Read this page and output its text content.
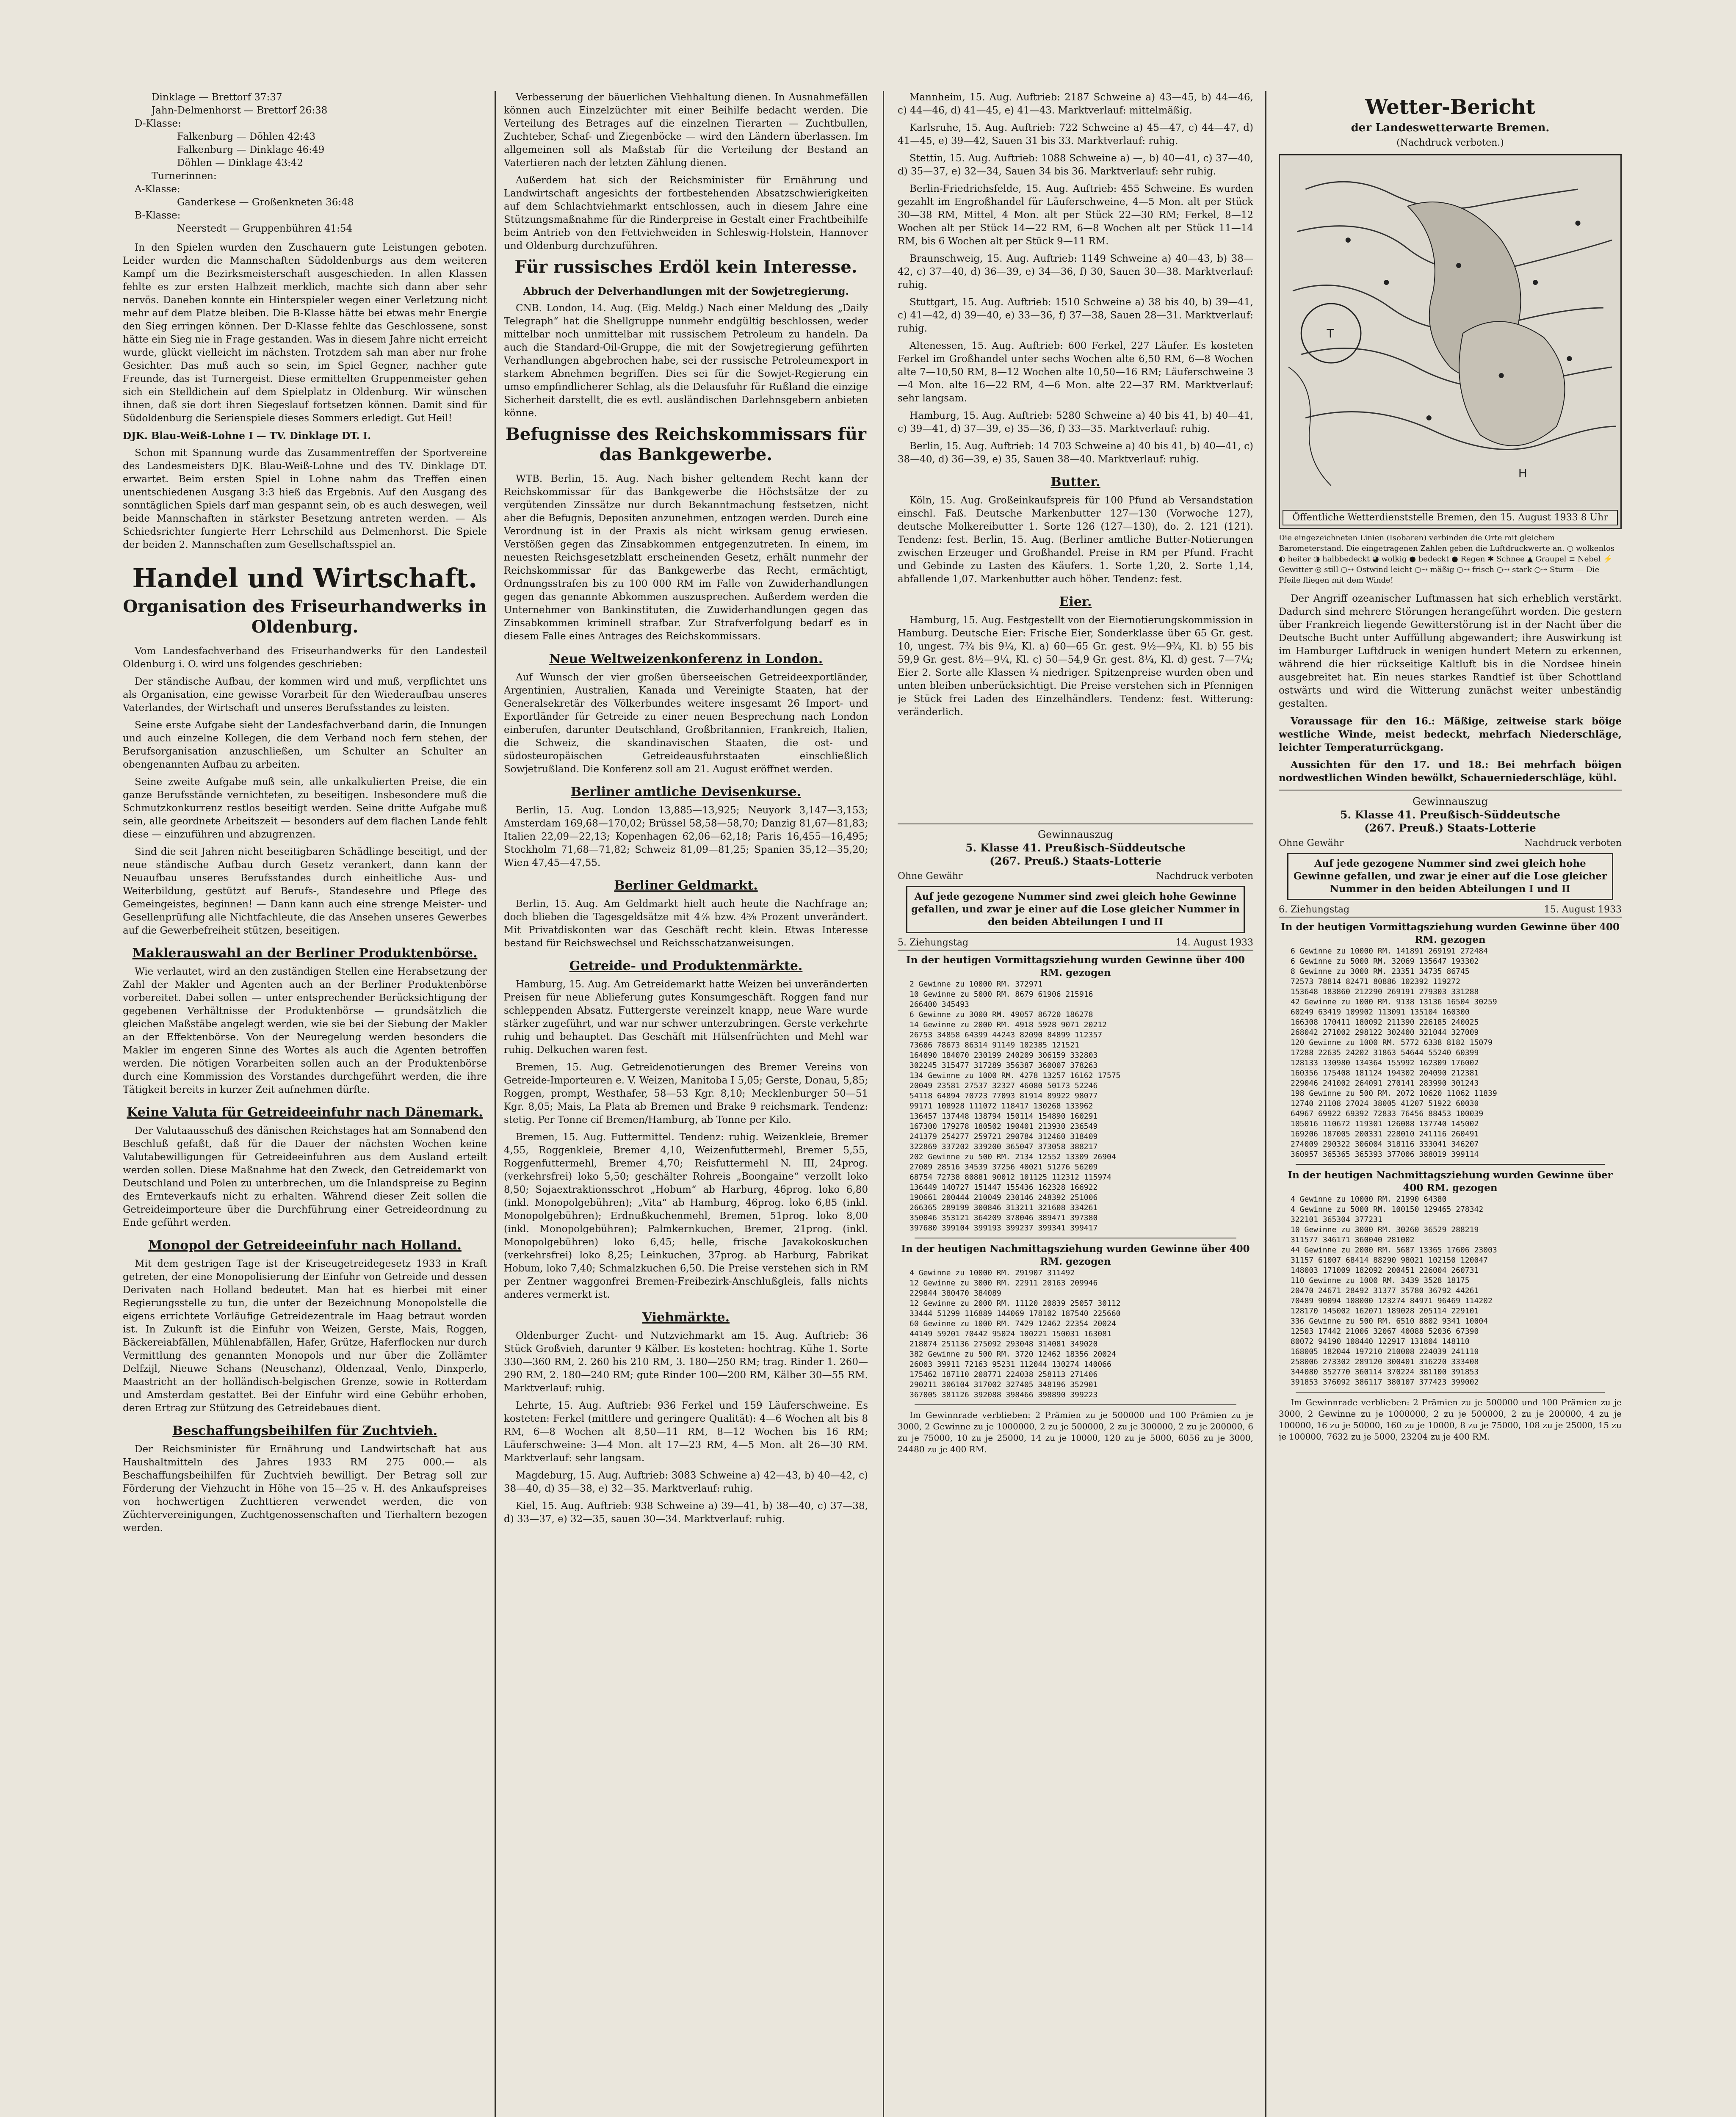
Dinklage — Brettorf 37:37

Jahn-Delmenhorst — Brettorf 26:38

D-Klasse:

Falkenburg — Döhlen 42:43

Falkenburg — Dinklage 46:49

Döhlen — Dinklage 43:42

Turnerinnen:

A-Klasse:

Ganderkese — Großenkneten 36:48

B-Klasse:

Neerstedt — Gruppenbühren 41:54

In den Spielen wurden den Zuschauern gute Leistungen geboten. Leider wurden die Mannschaften Südoldenburgs aus dem weiteren Kampf um die Bezirksmeisterschaft ausgeschieden. In allen Klassen fehlte es zur ersten Halbzeit merklich, machte sich dann aber sehr nervös. Daneben konnte ein Hinterspieler wegen einer Verletzung nicht mehr auf dem Platze bleiben. Die B-Klasse hätte bei etwas mehr Energie den Sieg erringen können. Der D-Klasse fehlte das Geschlossene, sonst hätte ein Sieg nie in Frage gestanden. Was in diesem Jahre nicht erreicht wurde, glückt vielleicht im nächsten. Trotzdem sah man aber nur frohe Gesichter. Das muß auch so sein, im Spiel Gegner, nachher gute Freunde, das ist Turnergeist. Diese ermittelten Gruppenmeister gehen sich ein Stelldichein auf dem Spielplatz in Oldenburg. Wir wünschen ihnen, daß sie dort ihren Siegeslauf fortsetzen können. Damit sind für Südoldenburg die Serienspiele dieses Sommers erledigt. Gut Heil!

DJK. Blau-Weiß-Lohne I — TV. Dinklage DT. I.

Schon mit Spannung wurde das Zusammentreffen der Sportvereine des Landesmeisters DJK. Blau-Weiß-Lohne und des TV. Dinklage DT. erwartet. Beim ersten Spiel in Lohne nahm das Treffen einen unentschiedenen Ausgang 3:3 hieß das Ergebnis. Auf den Ausgang des sonntäglichen Spiels darf man gespannt sein, ob es auch deswegen, weil beide Mannschaften in stärkster Besetzung antreten werden. — Als Schiedsrichter fungierte Herr Lehrschild aus Delmenhorst. Die Spiele der beiden 2. Mannschaften zum Gesellschaftsspiel an.

Handel und Wirtschaft.
Organisation des Friseurhandwerks in Oldenburg.

Vom Landesfachverband des Friseurhandwerks für den Landesteil Oldenburg i. O. wird uns folgendes geschrieben:

Der ständische Aufbau, der kommen wird und muß, verpflichtet uns als Organisation, eine gewisse Vorarbeit für den Wiederaufbau unseres Vaterlandes, der Wirtschaft und unseres Berufsstandes zu leisten.

Seine erste Aufgabe sieht der Landesfachverband darin, die Innungen und auch einzelne Kollegen, die dem Verband noch fern stehen, der Berufsorganisation anzuschließen, um Schulter an Schulter an obengenannten Aufbau zu arbeiten.

Seine zweite Aufgabe muß sein, alle unkalkulierten Preise, die ein ganze Berufsstände vernichteten, zu beseitigen. Insbesondere muß die Schmutzkonkurrenz restlos beseitigt werden. Seine dritte Aufgabe muß sein, alle geordnete Arbeitszeit — besonders auf dem flachen Lande fehlt diese — einzuführen und abzugrenzen.

Sind die seit Jahren nicht beseitigbaren Schädlinge beseitigt, und der neue ständische Aufbau durch Gesetz verankert, dann kann der Neuaufbau unseres Berufsstandes durch einheitliche Aus- und Weiterbildung, gestützt auf Berufs-, Standesehre und Pflege des Gemeingeistes, beginnen! — Dann kann auch eine strenge Meister- und Gesellenprüfung alle Nichtfachleute, die das Ansehen unseres Gewerbes auf die Gewerbefreiheit stützen, beseitigen.

Maklerauswahl an der Berliner Produktenbörse.

Wie verlautet, wird an den zuständigen Stellen eine Herabsetzung der Zahl der Makler und Agenten auch an der Berliner Produktenbörse vorbereitet. Dabei sollen — unter entsprechender Berücksichtigung der gegebenen Verhältnisse der Produktenbörse — grundsätzlich die gleichen Maßstäbe angelegt werden, wie sie bei der Siebung der Makler an der Effektenbörse. Von der Neuregelung werden besonders die Makler im engeren Sinne des Wortes als auch die Agenten betroffen werden. Die nötigen Vorarbeiten sollen auch an der Produktenbörse durch eine Kommission des Vorstandes durchgeführt werden, die ihre Tätigkeit bereits in kurzer Zeit aufnehmen dürfte.

Keine Valuta für Getreideeinfuhr nach Dänemark.

Der Valutaausschuß des dänischen Reichstages hat am Sonnabend den Beschluß gefaßt, daß für die Dauer der nächsten Wochen keine Valutabewilligungen für Getreideeinfuhren aus dem Ausland erteilt werden sollen. Diese Maßnahme hat den Zweck, den Getreidemarkt von Deutschland und Polen zu unterbrechen, um die Inlandspreise zu Beginn des Ernteverkaufs nicht zu erhalten. Während dieser Zeit sollen die Getreideimporteure über die Durchführung einer Getreideordnung zu Ende geführt werden.

Monopol der Getreideeinfuhr nach Holland.

Mit dem gestrigen Tage ist der Kriseugetreidegesetz 1933 in Kraft getreten, der eine Monopolisierung der Einfuhr von Getreide und dessen Derivaten nach Holland bedeutet. Man hat es hierbei mit einer Regierungsstelle zu tun, die unter der Bezeichnung Monopolstelle die eigens errichtete Vorläufige Getreidezentrale im Haag betraut worden ist. In Zukunft ist die Einfuhr von Weizen, Gerste, Mais, Roggen, Bäckereiabfällen, Mühlenabfällen, Hafer, Grütze, Haferflocken nur durch Vermittlung des genannten Monopols und nur über die Zollämter Delfzijl, Nieuwe Schans (Neuschanz), Oldenzaal, Venlo, Dinxperlo, Maastricht an der holländisch-belgischen Grenze, sowie in Rotterdam und Amsterdam gestattet. Bei der Einfuhr wird eine Gebühr erhoben, deren Ertrag zur Stützung des Getreidebaues dient.

Beschaffungsbeihilfen für Zuchtvieh.

Der Reichsminister für Ernährung und Landwirtschaft hat aus Haushaltmitteln des Jahres 1933 RM 275 000.— als Beschaffungsbeihilfen für Zuchtvieh bewilligt. Der Betrag soll zur Förderung der Viehzucht in Höhe von 15—25 v. H. des Ankaufspreises von hochwertigen Zuchttieren verwendet werden, die von Züchtervereinigungen, Zuchtgenossenschaften und Tierhaltern bezogen werden.

Verbesserung der bäuerlichen Viehhaltung dienen. In Ausnahmefällen können auch Einzelzüchter mit einer Beihilfe bedacht werden. Die Verteilung des Betrages auf die einzelnen Tierarten — Zuchtbullen, Zuchteber, Schaf- und Ziegenböcke — wird den Ländern überlassen. Im allgemeinen soll als Maßstab für die Verteilung der Bestand an Vatertieren nach der letzten Zählung dienen.

Außerdem hat sich der Reichsminister für Ernährung und Landwirtschaft angesichts der fortbestehenden Absatzschwierigkeiten auf dem Schlachtviehmarkt entschlossen, auch in diesem Jahre eine Stützungsmaßnahme für die Rinderpreise in Gestalt einer Frachtbeihilfe beim Antrieb von den Fettviehweiden in Schleswig-Holstein, Hannover und Oldenburg durchzuführen.

Für russisches Erdöl kein Interesse.
Abbruch der Delverhandlungen mit der Sowjetregierung.

CNB. London, 14. Aug. (Eig. Meldg.) Nach einer Meldung des „Daily Telegraph“ hat die Shellgruppe nunmehr endgültig beschlossen, weder mittelbar noch unmittelbar mit russischem Petroleum zu handeln. Da auch die Standard-Oil-Gruppe, die mit der Sowjetregierung geführten Verhandlungen abgebrochen habe, sei der russische Petroleumexport in starkem Abnehmen begriffen. Dies sei für die Sowjet-Regierung ein umso empfindlicherer Schlag, als die Delausfuhr für Rußland die einzige Sicherheit darstellt, die es evtl. ausländischen Darlehnsgebern anbieten könne.

Befugnisse des Reichskommissars für das Bankgewerbe.

WTB. Berlin, 15. Aug. Nach bisher geltendem Recht kann der Reichskommissar für das Bankgewerbe die Höchstsätze der zu vergütenden Zinssätze nur durch Bekanntmachung festsetzen, nicht aber die Befugnis, Depositen anzunehmen, entzogen werden. Durch eine Verordnung ist in der Praxis als nicht wirksam genug erwiesen. Verstößen gegen das Zinsabkommen entgegenzutreten. In einem, im neuesten Reichsgesetzblatt erscheinenden Gesetz, erhält nunmehr der Reichskommissar für das Bankgewerbe das Recht, ermächtigt, Ordnungsstrafen bis zu 100 000 RM im Falle von Zuwiderhandlungen gegen das genannte Abkommen auszusprechen. Außerdem werden die Unternehmer von Bankinstituten, die Zuwiderhandlungen gegen das Zinsabkommen kriminell strafbar. Zur Strafverfolgung bedarf es in diesem Falle eines Antrages des Reichskommissars.

Neue Weltweizenkonferenz in London.

Auf Wunsch der vier großen überseeischen Getreideexportländer, Argentinien, Australien, Kanada und Vereinigte Staaten, hat der Generalsekretär des Völkerbundes weitere insgesamt 26 Import- und Exportländer für Getreide zu einer neuen Besprechung nach London einberufen, darunter Deutschland, Großbritannien, Frankreich, Italien, die Schweiz, die skandinavischen Staaten, die ost- und südosteuropäischen Getreideausfuhrstaaten einschließlich Sowjetrußland. Die Konferenz soll am 21. August eröffnet werden.

Berliner amtliche Devisenkurse.

Berlin, 15. Aug. London 13,885—13,925; Neuyork 3,147—3,153; Amsterdam 169,68—170,02; Brüssel 58,58—58,70; Danzig 81,67—81,83; Italien 22,09—22,13; Kopenhagen 62,06—62,18; Paris 16,455—16,495; Stockholm 71,68—71,82; Schweiz 81,09—81,25; Spanien 35,12—35,20; Wien 47,45—47,55.

Berliner Geldmarkt.

Berlin, 15. Aug. Am Geldmarkt hielt auch heute die Nachfrage an; doch blieben die Tagesgeldsätze mit 4⅞ bzw. 4⅝ Prozent unverändert. Mit Privatdiskonten war das Geschäft recht klein. Etwas Interesse bestand für Reichswechsel und Reichsschatzanweisungen.

Getreide- und Produktenmärkte.

Hamburg, 15. Aug. Am Getreidemarkt hatte Weizen bei unveränderten Preisen für neue Ablieferung gutes Konsumgeschäft. Roggen fand nur schleppenden Absatz. Futtergerste vereinzelt knapp, neue Ware wurde stärker zugeführt, und war nur schwer unterzubringen. Gerste verkehrte ruhig und behauptet. Das Geschäft mit Hülsenfrüchten und Mehl war ruhig. Delkuchen waren fest.

Bremen, 15. Aug. Getreidenotierungen des Bremer Vereins von Getreide-Importeuren e. V. Weizen, Manitoba I 5,05; Gerste, Donau, 5,85; Roggen, prompt, Westhafer, 58—53 Kgr. 8,10; Mecklenburger 50—51 Kgr. 8,05; Mais, La Plata ab Bremen und Brake 9 reichsmark. Tendenz: stetig. Per Tonne cif Bremen/Hamburg, ab Tonne per Kilo.

Bremen, 15. Aug. Futtermittel. Tendenz: ruhig. Weizenkleie, Bremer 4,55, Roggenkleie, Bremer 4,10, Weizenfuttermehl, Bremer 5,55, Roggenfuttermehl, Bremer 4,70; Reisfuttermehl N. III, 24prog. (verkehrsfrei) loko 5,50; geschälter Rohreis „Boongaine“ verzollt loko 8,50; Sojaextraktionsschrot „Hobum“ ab Harburg, 46prog. loko 6,80 (inkl. Monopolgebühren); „Vita“ ab Hamburg, 46prog. loko 6,85 (inkl. Monopolgebühren); Erdnußkuchenmehl, Bremen, 51prog. loko 8,00 (inkl. Monopolgebühren); Palmkernkuchen, Bremer, 21prog. (inkl. Monopolgebühren) loko 6,45; helle, frische Javakokoskuchen (verkehrsfrei) loko 8,25; Leinkuchen, 37prog. ab Harburg, Fabrikat Hobum, loko 7,40; Schmalzkuchen 6,50. Die Preise verstehen sich in RM per Zentner waggonfrei Bremen-Freibezirk-Anschlußgleis, falls nichts anderes vermerkt ist.

Viehmärkte.

Oldenburger Zucht- und Nutzviehmarkt am 15. Aug. Auftrieb: 36 Stück Großvieh, darunter 9 Kälber. Es kosteten: hochtrag. Kühe 1. Sorte 330—360 RM, 2. 260 bis 210 RM, 3. 180—250 RM; trag. Rinder 1. 260—290 RM, 2. 180—240 RM; gute Rinder 100—200 RM, Kälber 30—55 RM. Marktverlauf: ruhig.

Lehrte, 15. Aug. Auftrieb: 936 Ferkel und 159 Läuferschweine. Es kosteten: Ferkel (mittlere und geringere Qualität): 4—6 Wochen alt bis 8 RM, 6—8 Wochen alt 8,50—11 RM, 8—12 Wochen bis 16 RM; Läuferschweine: 3—4 Mon. alt 17—23 RM, 4—5 Mon. alt 26—30 RM. Marktverlauf: sehr langsam.

Magdeburg, 15. Aug. Auftrieb: 3083 Schweine a) 42—43, b) 40—42, c) 38—40, d) 35—38, e) 32—35. Marktverlauf: ruhig.

Kiel, 15. Aug. Auftrieb: 938 Schweine a) 39—41, b) 38—40, c) 37—38, d) 33—37, e) 32—35, sauen 30—34. Marktverlauf: ruhig.

Mannheim, 15. Aug. Auftrieb: 2187 Schweine a) 43—45, b) 44—46, c) 44—46, d) 41—45, e) 41—43. Marktverlauf: mittelmäßig.

Karlsruhe, 15. Aug. Auftrieb: 722 Schweine a) 45—47, c) 44—47, d) 41—45, e) 39—42, Sauen 31 bis 33. Marktverlauf: ruhig.

Stettin, 15. Aug. Auftrieb: 1088 Schweine a) —, b) 40—41, c) 37—40, d) 35—37, e) 32—34, Sauen 34 bis 36. Marktverlauf: sehr ruhig.

Berlin-Friedrichsfelde, 15. Aug. Auftrieb: 455 Schweine. Es wurden gezahlt im Engroßhandel für Läuferschweine, 4—5 Mon. alt per Stück 30—38 RM, Mittel, 4 Mon. alt per Stück 22—30 RM; Ferkel, 8—12 Wochen alt per Stück 14—22 RM, 6—8 Wochen alt per Stück 11—14 RM, bis 6 Wochen alt per Stück 9—11 RM.

Braunschweig, 15. Aug. Auftrieb: 1149 Schweine a) 40—43, b) 38—42, c) 37—40, d) 36—39, e) 34—36, f) 30, Sauen 30—38. Marktverlauf: ruhig.

Stuttgart, 15. Aug. Auftrieb: 1510 Schweine a) 38 bis 40, b) 39—41, c) 41—42, d) 39—40, e) 33—36, f) 37—38, Sauen 28—31. Marktverlauf: ruhig.

Altenessen, 15. Aug. Auftrieb: 600 Ferkel, 227 Läufer. Es kosteten Ferkel im Großhandel unter sechs Wochen alte 6,50 RM, 6—8 Wochen alte 7—10,50 RM, 8—12 Wochen alte 10,50—16 RM; Läuferschweine 3—4 Mon. alte 16—22 RM, 4—6 Mon. alte 22—37 RM. Marktverlauf: sehr langsam.

Hamburg, 15. Aug. Auftrieb: 5280 Schweine a) 40 bis 41, b) 40—41, c) 39—41, d) 37—39, e) 35—36, f) 33—35. Marktverlauf: ruhig.

Berlin, 15. Aug. Auftrieb: 14 703 Schweine a) 40 bis 41, b) 40—41, c) 38—40, d) 36—39, e) 35, Sauen 38—40. Marktverlauf: ruhig.

Butter.

Köln, 15. Aug. Großeinkaufspreis für 100 Pfund ab Versandstation einschl. Faß. Deutsche Markenbutter 127—130 (Vorwoche 127), deutsche Molkereibutter 1. Sorte 126 (127—130), do. 2. 121 (121). Tendenz: fest. Berlin, 15. Aug. (Berliner amtliche Butter-Notierungen zwischen Erzeuger und Großhandel. Preise in RM per Pfund. Fracht und Gebinde zu Lasten des Käufers. 1. Sorte 1,20, 2. Sorte 1,14, abfallende 1,07. Markenbutter auch höher. Tendenz: fest.

Eier.

Hamburg, 15. Aug. Festgestellt von der Eiernotierungskommission in Hamburg. Deutsche Eier: Frische Eier, Sonderklasse über 65 Gr. gest. 10, ungest. 7¾ bis 9¼, Kl. a) 60—65 Gr. gest. 9½—9¾, Kl. b) 55 bis 59,9 Gr. gest. 8½—9¼, Kl. c) 50—54,9 Gr. gest. 8¼, Kl. d) gest. 7—7¼; Eier 2. Sorte alle Klassen ¼ niedriger. Spitzenpreise wurden oben und unten bleiben unberücksichtigt. Die Preise verstehen sich in Pfennigen je Stück frei Laden des Einzelhändlers. Tendenz: fest. Witterung: veränderlich.

Gewinnauszug
5. Klasse 41. Preußisch-Süddeutsche
(267. Preuß.) Staats-Lotterie
Ohne Gewähr	Nachdruck verboten
Auf jede gezogene Nummer sind zwei gleich hohe Gewinne gefallen, und zwar je einer auf die Lose gleicher Nummer in den beiden Abteilungen I und II
5. Ziehungstag	14. August 1933
In der heutigen Vormittagsziehung wurden Gewinne über 400 RM. gezogen

2 Gewinne zu 10000 RM. 372971

10 Gewinne zu 5000 RM. 8679 61906 215916

266400 345493

6 Gewinne zu 3000 RM. 49057 86720 186278

14 Gewinne zu 2000 RM. 4918 5928 9071 20212

26753 34858 64399 44243 82090 84899 112357

73606 78673 86314 91149 102385 121521

164090 184070 230199 240209 306159 332803

302245 315477 317289 356387 360007 378263

134 Gewinne zu 1000 RM. 4278 13257 16162 17575

20049 23581 27537 32327 46080 50173 52246

54118 64894 70723 77093 81914 89922 98077

99171 108928 111072 118417 130268 133962

136457 137448 138794 150114 154890 160291

167300 179278 180502 190401 213930 236549

241379 254277 259721 290784 312460 318409

322869 337202 339200 365047 373058 388217

202 Gewinne zu 500 RM. 2134 12552 13309 26904

27009 28516 34539 37256 40021 51276 56209

68754 72738 80881 90012 101125 112312 115974

136449 140727 151447 155436 162328 166922

190661 200444 210049 230146 248392 251006

266365 289199 300846 313211 321608 334261

350046 353121 364209 378046 389471 397380

397680 399104 399193 399237 399341 399417

In der heutigen Nachmittagsziehung wurden Gewinne über 400 RM. gezogen

4 Gewinne zu 10000 RM. 291907 311492

12 Gewinne zu 3000 RM. 22911 20163 209946

229844 380470 384089

12 Gewinne zu 2000 RM. 11120 20839 25057 30112

33444 51299 116889 144069 178102 187540 225660

60 Gewinne zu 1000 RM. 7429 12462 22354 20024

44149 59201 70442 95024 100221 150031 163081

218074 251136 275092 293048 314081 349020

382 Gewinne zu 500 RM. 3720 12462 18356 20024

26003 39911 72163 95231 112044 130274 140066

175462 187110 208771 224038 258113 271406

290211 306104 317002 327405 348196 352901

367005 381126 392088 398466 398890 399223

Im Gewinnrade verblieben: 2 Prämien zu je 500000 und 100 Prämien zu je 3000, 2 Gewinne zu je 1000000, 2 zu je 500000, 2 zu je 300000, 2 zu je 200000, 6 zu je 75000, 10 zu je 25000, 14 zu je 10000, 120 zu je 5000, 6056 zu je 3000, 24480 zu je 400 RM.

Wetter-Bericht
der Landeswetterwarte Bremen.
(Nachdruck verboten.)
T
H
Öffentliche Wetterdienststelle Bremen, den 15. August 1933 8 Uhr
Die eingezeichneten Linien (Isobaren) verbinden die Orte mit gleichem Barometerstand. Die eingetragenen Zahlen geben die Luftdruckwerte an. ○ wolkenlos ◐ heiter ◑ halbbedeckt ◕ wolkig ● bedeckt ● Regen ✱ Schnee ▲ Graupel ≡ Nebel ⚡ Gewitter ◎ still ○⇢ Ostwind leicht ○⇢ mäßig ○⇢ frisch ○⇢ stark ○⇢ Sturm — Die Pfeile fliegen mit dem Winde!

Der Angriff ozeanischer Luftmassen hat sich erheblich verstärkt. Dadurch sind mehrere Störungen herangeführt worden. Die gestern über Frankreich liegende Gewitterstörung ist in der Nacht über die Deutsche Bucht unter Auffüllung abgewandert; ihre Auswirkung ist im Hamburger Luftdruck in wenigen hundert Metern zu erkennen, während die hier rückseitige Kaltluft bis in die Nordsee hinein ausgebreitet hat. Ein neues starkes Randtief ist über Schottland ostwärts und wird die Witterung zunächst weiter unbeständig gestalten.

Voraussage für den 16.: Mäßige, zeitweise stark böige westliche Winde, meist bedeckt, mehrfach Niederschläge, leichter Temperaturrückgang.

Aussichten für den 17. und 18.: Bei mehrfach böigen nordwestlichen Winden bewölkt, Schauerniederschläge, kühl.

Gewinnauszug
5. Klasse 41. Preußisch-Süddeutsche
(267. Preuß.) Staats-Lotterie
Ohne Gewähr	Nachdruck verboten
Auf jede gezogene Nummer sind zwei gleich hohe Gewinne gefallen, und zwar je einer auf die Lose gleicher Nummer in den beiden Abteilungen I und II
6. Ziehungstag	15. August 1933
In der heutigen Vormittagsziehung wurden Gewinne über 400 RM. gezogen

6 Gewinne zu 10000 RM. 141891 269191 272484

6 Gewinne zu 5000 RM. 32069 135647 193302

8 Gewinne zu 3000 RM. 23351 34735 86745

72573 78814 82471 80886 102392 119272

153648 183860 212290 269191 279303 331288

42 Gewinne zu 1000 RM. 9138 13136 16504 30259

60249 63419 109902 113091 135104 160300

166308 170411 180092 211390 226185 240025

268042 271002 298122 302400 321044 327009

120 Gewinne zu 1000 RM. 5772 6338 8182 15079

17288 22635 24202 31863 54644 55240 60399

128133 130980 134364 155992 162309 176002

160356 175408 181124 194302 204090 212381

229046 241002 264091 270141 283990 301243

198 Gewinne zu 500 RM. 2072 10620 11062 11839

12740 21108 27024 38005 41207 51922 60030

64967 69922 69392 72833 76456 88453 100039

105016 110672 119301 126088 137740 145002

169206 187005 200331 228010 241116 260491

274009 290322 306004 318116 333041 346207

360957 365365 365393 377006 388019 399114

In der heutigen Nachmittagsziehung wurden Gewinne über 400 RM. gezogen

4 Gewinne zu 10000 RM. 21990 64380

4 Gewinne zu 5000 RM. 100150 129465 278342

322101 365304 377231

10 Gewinne zu 3000 RM. 30260 36529 288219

311577 346171 360040 281002

44 Gewinne zu 2000 RM. 5687 13365 17606 23003

31157 61007 68414 88290 98021 102150 120047

148003 171009 182092 200451 226004 260731

110 Gewinne zu 1000 RM. 3439 3528 18175

20470 24671 28492 31377 35780 36792 44261

70489 90094 108000 123274 84971 96469 114202

128170 145002 162071 189028 205114 229101

336 Gewinne zu 500 RM. 6510 8802 9341 10004

12503 17442 21006 32067 40088 52036 67390

80072 94190 108440 122917 131804 148110

168005 182044 197210 210008 224039 241110

258006 273302 289120 300401 316220 333408

344080 352770 360114 370224 381100 391853

391853 376092 386117 380107 377423 399002

Im Gewinnrade verblieben: 2 Prämien zu je 500000 und 100 Prämien zu je 3000, 2 Gewinne zu je 1000000, 2 zu je 500000, 2 zu je 200000, 4 zu je 100000, 16 zu je 50000, 160 zu je 10000, 8 zu je 75000, 108 zu je 25000, 15 zu je 100000, 7632 zu je 5000, 23204 zu je 400 RM.
